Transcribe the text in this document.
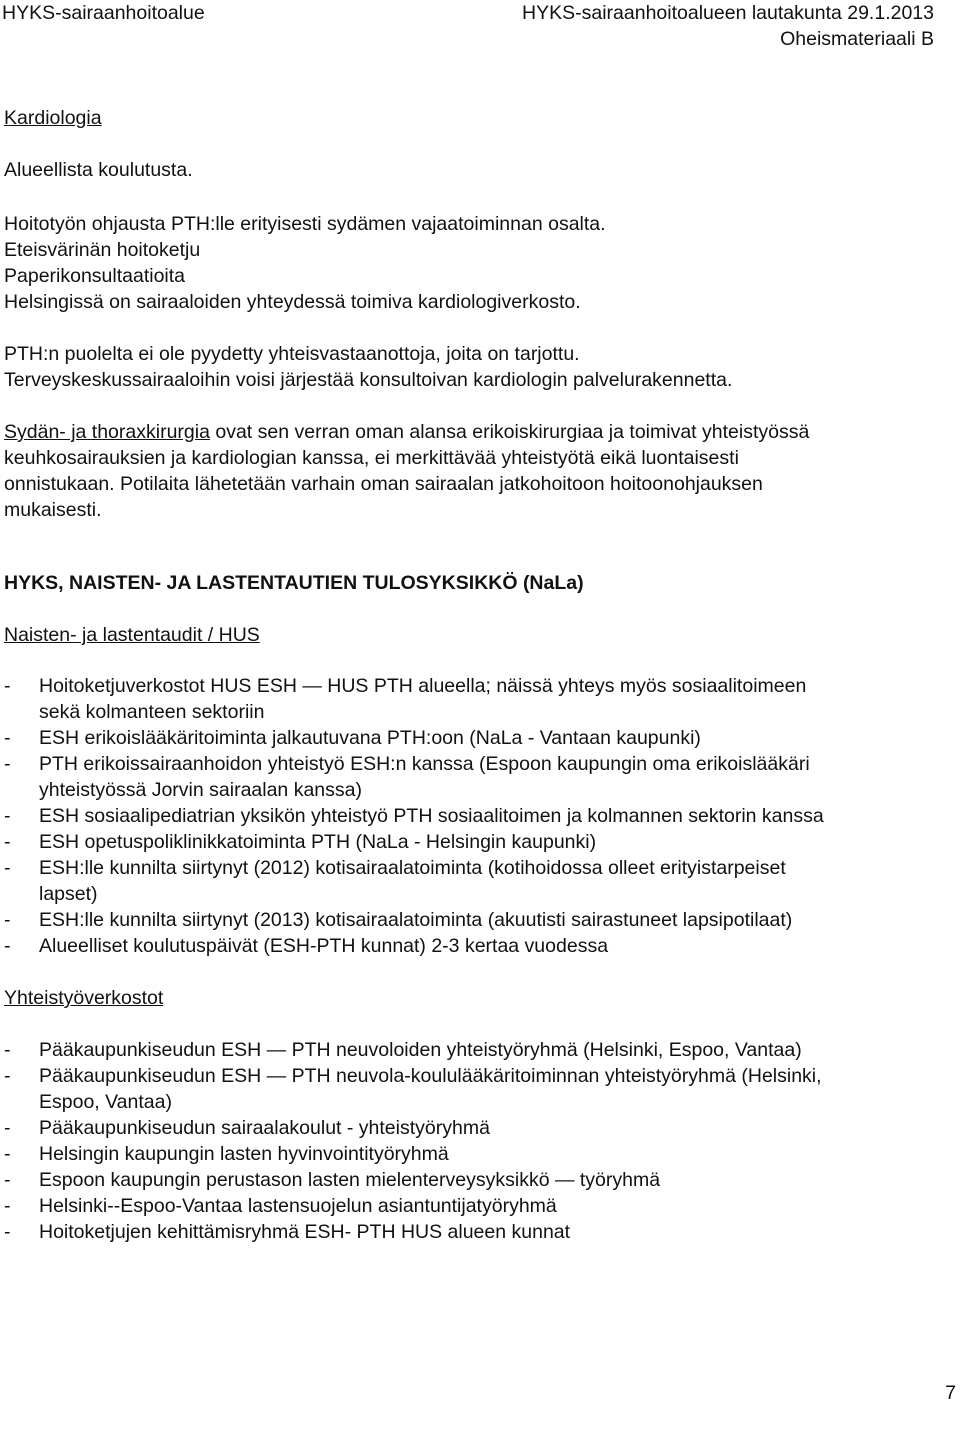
HYKS-sairaanhoitoalue	HYKS-sairaanhoitoalueen lautakunta 29.1.2013
Oheismateriaali B
Kardiologia
Alueellista koulutusta.
Hoitotyön ohjausta PTH:lle erityisesti sydämen vajaatoiminnan osalta.
Eteisvärinän hoitoketju
Paperikonsultaatioita
Helsingissä on sairaaloiden yhteydessä toimiva kardiologiverkosto.
PTH:n puolelta ei ole pyydetty yhteisvastaanottoja, joita on tarjottu.
Terveyskeskussairaaloihin voisi järjestää konsultoivan kardiologin palvelurakennetta.
Sydän- ja thoraxkirurgia ovat sen verran oman alansa erikoiskirurgiaa ja toimivat yhteistyössä
keuhkosairauksien ja kardiologian kanssa, ei merkittävää yhteistyötä eikä luontaisesti
onnistukaan. Potilaita lähetetään varhain oman sairaalan jatkohoitoon hoitoonohjauksen
mukaisesti.
HYKS, NAISTEN- JA LASTENTAUTIEN TULOSYKSIKKÖ (NaLa)
Naisten- ja lastentaudit / HUS
- Hoitoketjuverkostot HUS ESH — HUS PTH alueella; näissä yhteys myös sosiaalitoimeen
sekä kolmanteen sektoriin
- ESH erikoislääkäritoiminta jalkautuvana PTH:oon (NaLa - Vantaan kaupunki)
- PTH erikoissairaanhoidon yhteistyö ESH:n kanssa (Espoon kaupungin oma erikoislääkäri
yhteistyössä Jorvin sairaalan kanssa)
- ESH sosiaalipediatrian yksikön yhteistyö PTH sosiaalitoimen ja kolmannen sektorin kanssa
- ESH opetuspoliklinikkatoiminta PTH (NaLa - Helsingin kaupunki)
- ESH:lle kunnilta siirtynyt (2012) kotisairaalatoiminta (kotihoidossa olleet erityistarpeiset
lapset)
- ESH:lle kunnilta siirtynyt (2013) kotisairaalatoiminta (akuutisti sairastuneet lapsipotilaat)
- Alueelliset koulutuspäivät (ESH-PTH kunnat) 2-3 kertaa vuodessa
Yhteistyöverkostot
- Pääkaupunkiseudun ESH — PTH neuvoloiden yhteistyöryhmä (Helsinki, Espoo, Vantaa)
- Pääkaupunkiseudun ESH — PTH neuvola-koululääkäritoiminnan yhteistyöryhmä (Helsinki,
Espoo, Vantaa)
- Pääkaupunkiseudun sairaalakoulut - yhteistyöryhmä
- Helsingin kaupungin lasten hyvinvointityöryhmä
- Espoon kaupungin perustason lasten mielenterveysyksikkö — työryhmä
- Helsinki--Espoo-Vantaa lastensuojelun asiantuntijatyöryhmä
- Hoitoketjujen kehittämisryhmä ESH- PTH HUS alueen kunnat
7
